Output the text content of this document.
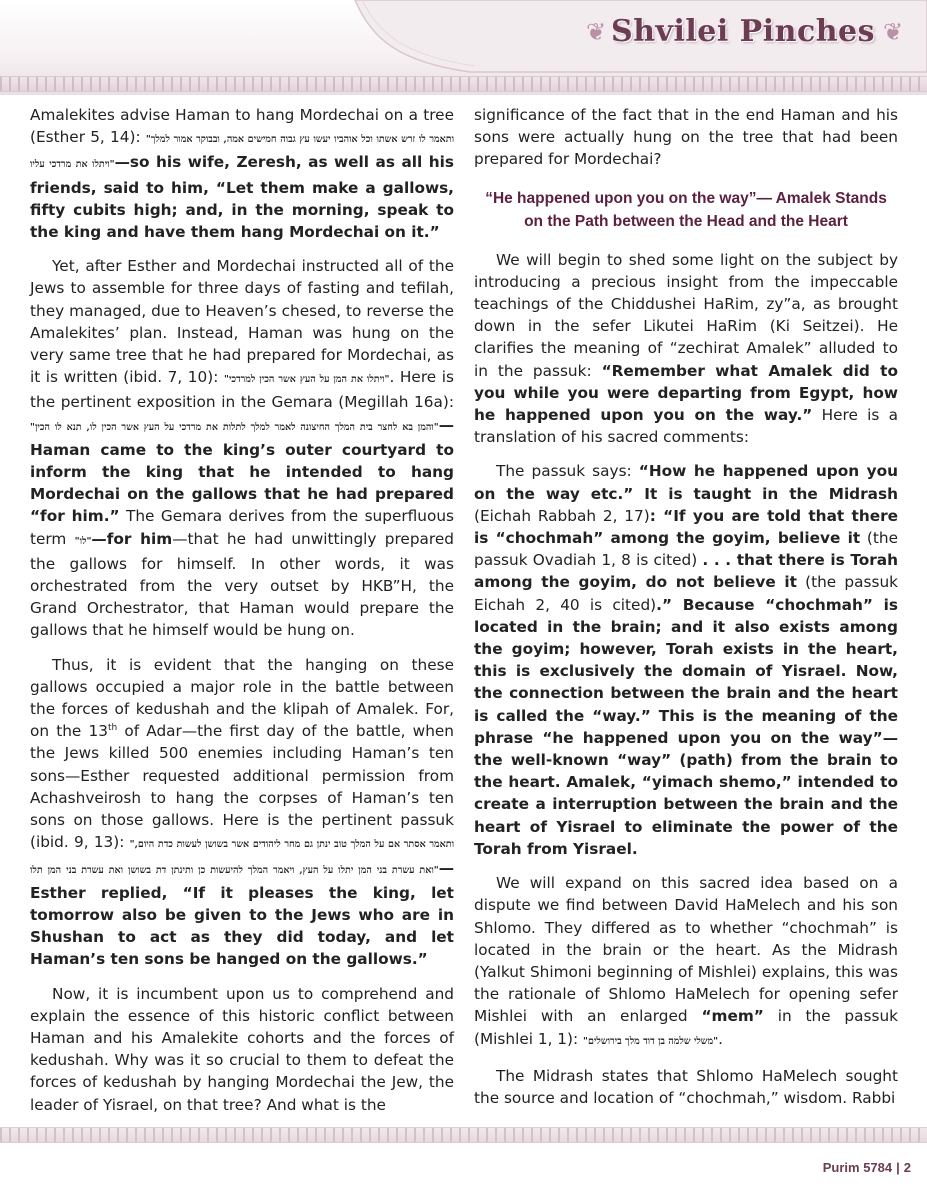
❦ Shvilei Pinches ❦

Amalekites advise Haman to hang Mordechai on a tree (Esther 5, 14): "ותאמר לו זרש אשתו וכל אוהביו יעשו עץ גבוה חמישים אמה, ובבוקר אמור למלך ויתלו את מרדכי עליו"—so his wife, Zeresh, as well as all his friends, said to him, “Let them make a gallows, fifty cubits high; and, in the morning, speak to the king and have them hang Mordechai on it.”

Yet, after Esther and Mordechai instructed all of the Jews to assemble for three days of fasting and tefilah, they managed, due to Heaven’s chesed, to reverse the Amalekites’ plan. Instead, Haman was hung on the very same tree that he had prepared for Mordechai, as it is written (ibid. 7, 10): "ויתלו את המן על העץ אשר הכין למרדכי". Here is the pertinent exposition in the Gemara (Megillah 16a): "והמן בא לחצר בית המלך החיצונה לאמר למלך לתלות את מרדכי על העץ אשר הכין לו, תנא לו הכין"—Haman came to the king’s outer courtyard to inform the king that he intended to hang Mordechai on the gallows that he had prepared “for him.” The Gemara derives from the superfluous term "לו"—for him—that he had unwittingly prepared the gallows for himself. In other words, it was orchestrated from the very outset by HKB”H, the Grand Orchestrator, that Haman would prepare the gallows that he himself would be hung on.

Thus, it is evident that the hanging on these gallows occupied a major role in the battle between the forces of kedushah and the klipah of Amalek. For, on the 13th of Adar—the first day of the battle, when the Jews killed 500 enemies including Haman’s ten sons—Esther requested additional permission from Achashveirosh to hang the corpses of Haman’s ten sons on those gallows. Here is the pertinent passuk (ibid. 9, 13): "ותאמר אסתר אם על המלך טוב ינתן גם מחר ליהודים אשר בשושן לעשות כדת היום, ואת עשרת בני המן יתלו על העץ, ויאמר המלך להיעשות כן ותינתן דת בשושן ואת עשרת בני המן תלו"—Esther replied, “If it pleases the king, let tomorrow also be given to the Jews who are in Shushan to act as they did today, and let Haman’s ten sons be hanged on the gallows.”

Now, it is incumbent upon us to comprehend and explain the essence of this historic conflict between Haman and his Amalekite cohorts and the forces of kedushah. Why was it so crucial to them to defeat the forces of kedushah by hanging Mordechai the Jew, the leader of Yisrael, on that tree? And what is the

significance of the fact that in the end Haman and his sons were actually hung on the tree that had been prepared for Mordechai?

“He happened upon you on the way”— Amalek Stands on the Path between the Head and the Heart

We will begin to shed some light on the subject by introducing a precious insight from the impeccable teachings of the Chiddushei HaRim, zy”a, as brought down in the sefer Likutei HaRim (Ki Seitzei). He clarifies the meaning of “zechirat Amalek” alluded to in the passuk: “Remember what Amalek did to you while you were departing from Egypt, how he happened upon you on the way.” Here is a translation of his sacred comments:

The passuk says: “How he happened upon you on the way etc.” It is taught in the Midrash (Eichah Rabbah 2, 17): “If you are told that there is “chochmah” among the goyim, believe it (the passuk Ovadiah 1, 8 is cited) . . . that there is Torah among the goyim, do not believe it (the passuk Eichah 2, 40 is cited).” Because “chochmah” is located in the brain; and it also exists among the goyim; however, Torah exists in the heart, this is exclusively the domain of Yisrael. Now, the connection between the brain and the heart is called the “way.” This is the meaning of the phrase “he happened upon you on the way”—the well-known “way” (path) from the brain to the heart. Amalek, “yimach shemo,” intended to create a interruption between the brain and the heart of Yisrael to eliminate the power of the Torah from Yisrael.

We will expand on this sacred idea based on a dispute we find between David HaMelech and his son Shlomo. They differed as to whether “chochmah” is located in the brain or the heart. As the Midrash (Yalkut Shimoni beginning of Mishlei) explains, this was the rationale of Shlomo HaMelech for opening sefer Mishlei with an enlarged “mem” in the passuk (Mishlei 1, 1): "משלי שלמה בן דוד מלך בירושלים".

The Midrash states that Shlomo HaMelech sought the source and location of “chochmah,” wisdom. Rabbi

Purim 5784 | 2
